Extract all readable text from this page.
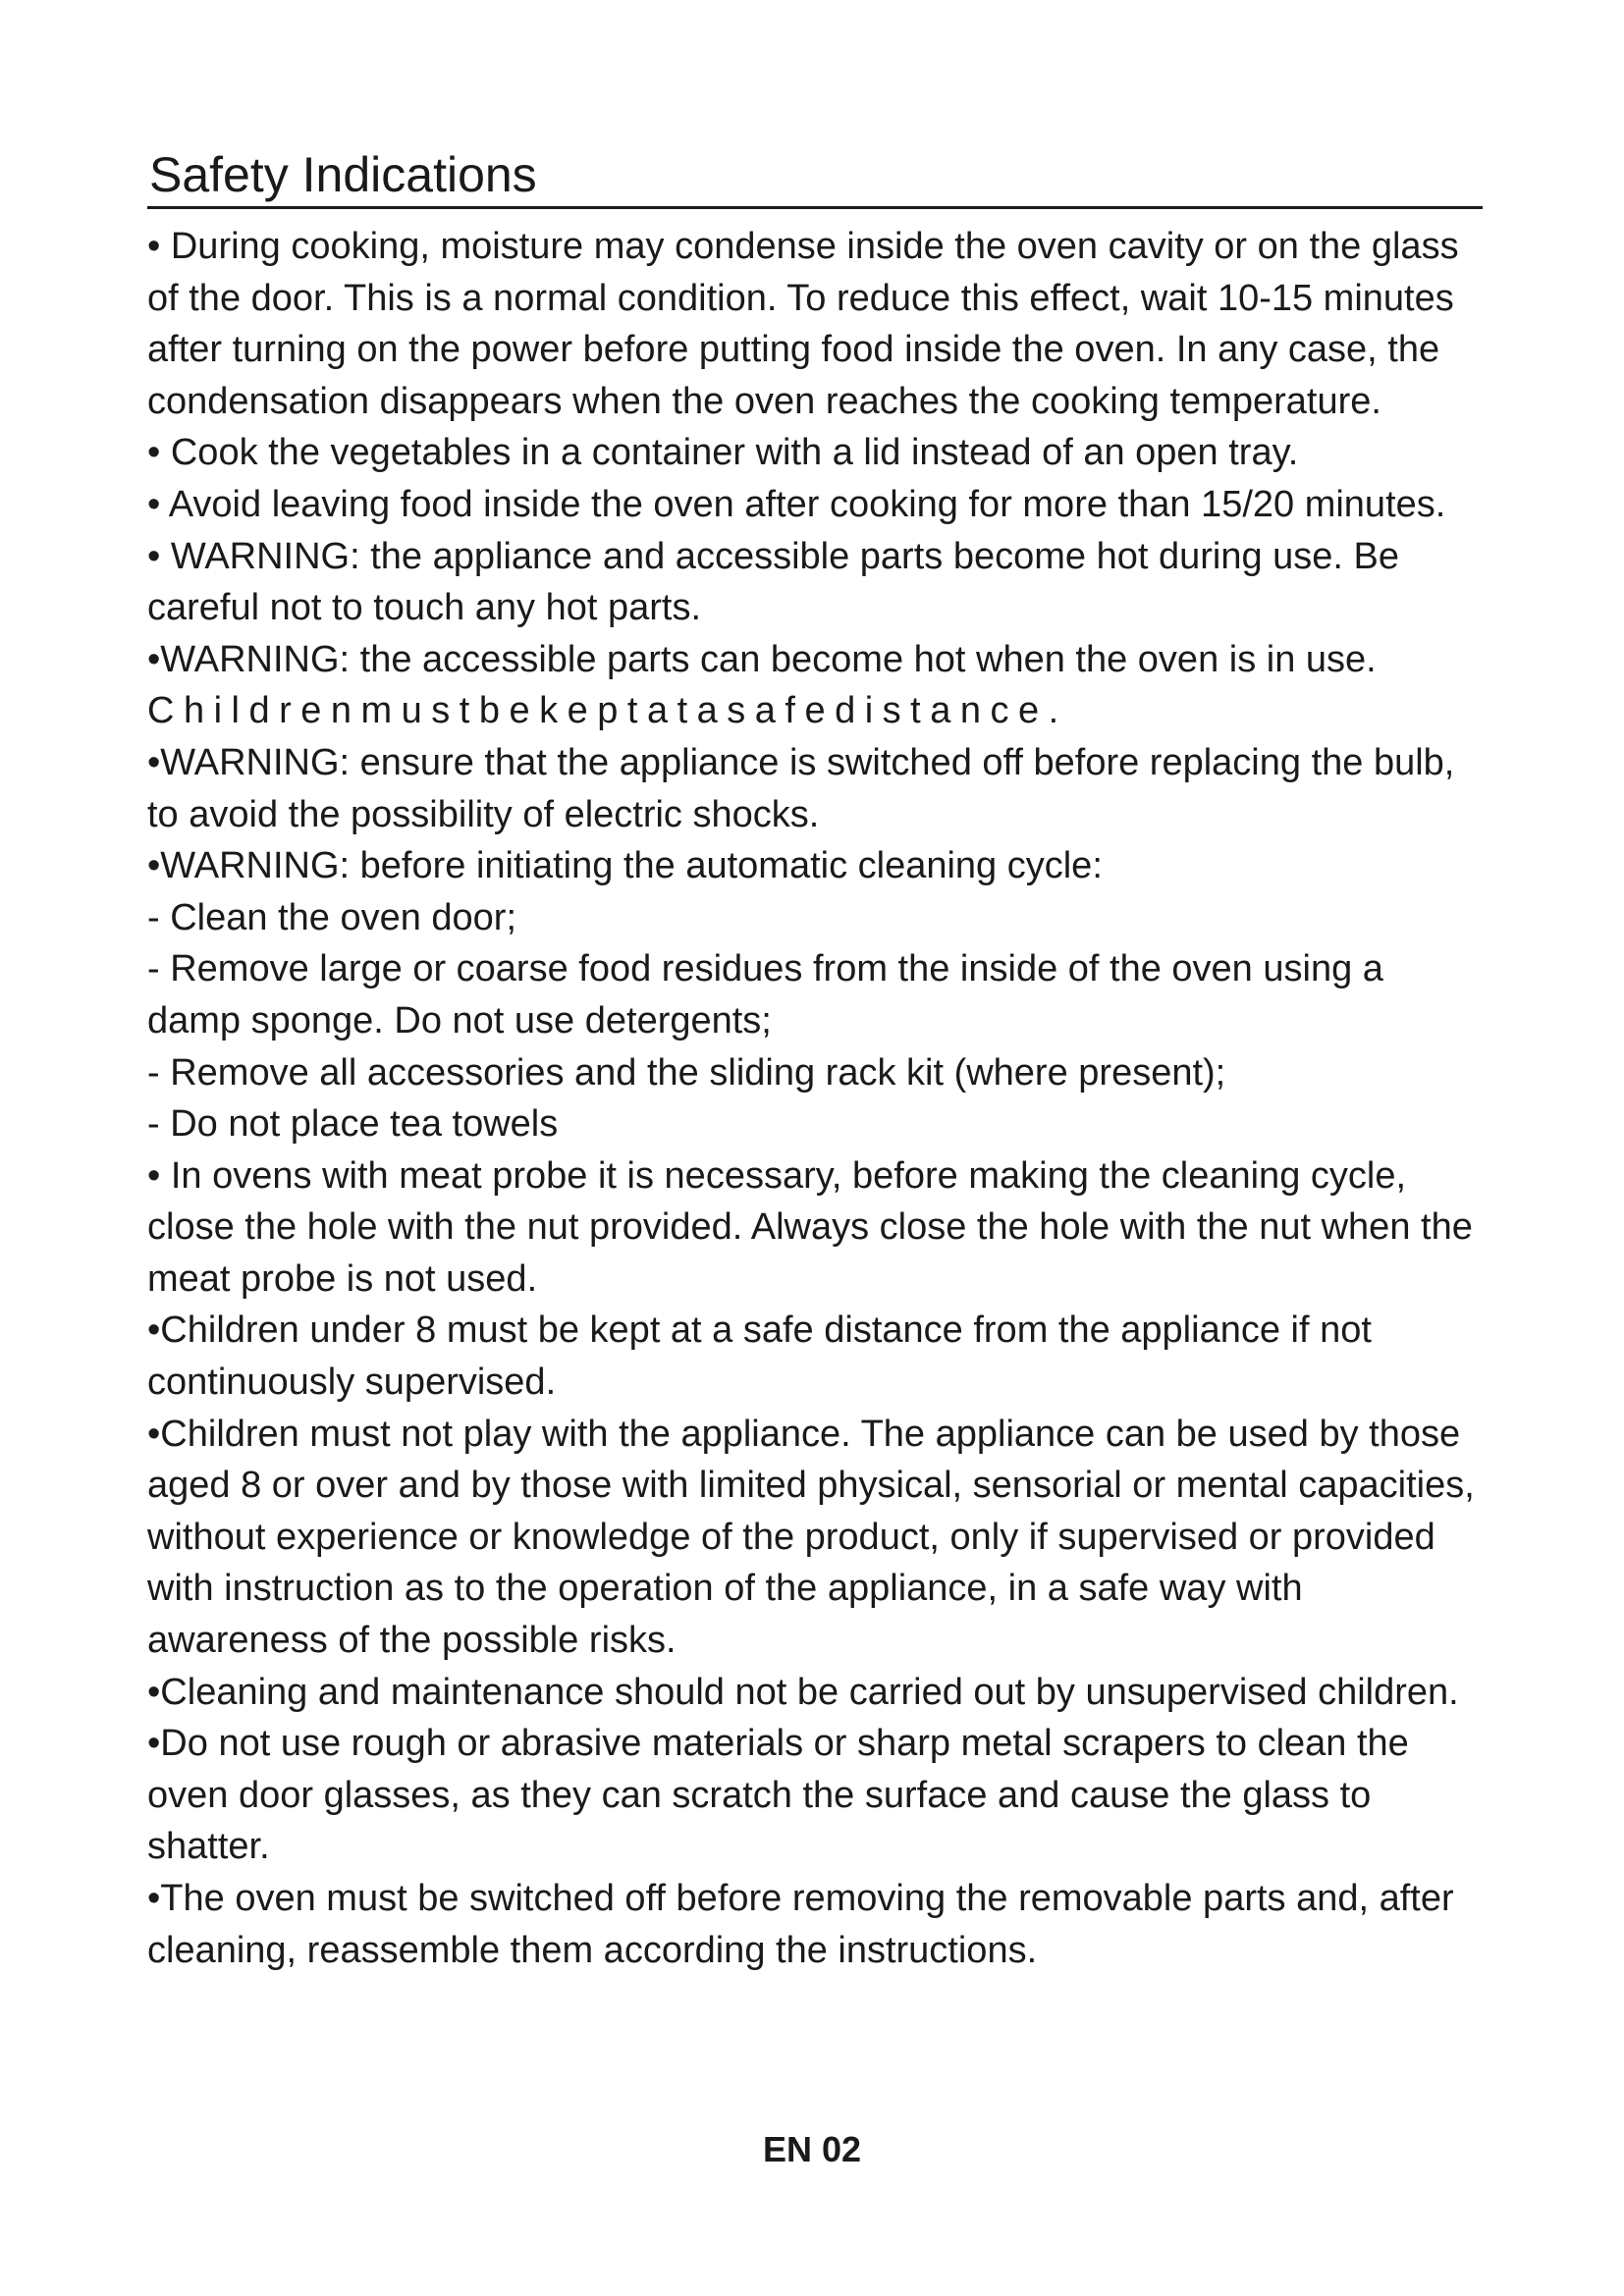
Safety Indications

• During cooking, moisture may condense inside the oven cavity or on the glass of the door. This is a normal condition. To reduce this effect, wait 10-15 minutes after turning on the power before putting food inside the oven. In any case, the condensation disappears when the oven reaches the cooking temperature.

• Cook the vegetables in a container with a lid instead of an open tray.

• Avoid leaving food inside the oven after cooking for more than 15/20 minutes.

• WARNING: the appliance and accessible parts become hot during use. Be careful not to touch any hot parts.

•WARNING: the accessible parts can become hot when the oven is in use.

Childrenmustbekeptatasafedistance.

•WARNING: ensure that the appliance is switched off before replacing the bulb, to avoid the possibility of electric shocks.

•WARNING: before initiating the automatic cleaning cycle:

- Clean the oven door;

- Remove large or coarse food residues from the inside of the oven using a damp sponge. Do not use detergents;

- Remove all accessories and the sliding rack kit (where present);

- Do not place tea towels

• In ovens with meat probe it is necessary, before making the cleaning cycle, close the hole with the nut provided. Always close the hole with the nut when the meat probe is not used.

•Children under 8 must be kept at a safe distance from the appliance if not continuously supervised.

•Children must not play with the appliance. The appliance can be used by those aged 8 or over and by those with limited physical, sensorial or mental capacities, without experience or knowledge of the product, only if supervised or provided with instruction as to the operation of the appliance, in a safe way with awareness of the possible risks.

•Cleaning and maintenance should not be carried out by unsupervised children.

•Do not use rough or abrasive materials or sharp metal scrapers to clean the oven door glasses, as they can scratch the surface and cause the glass to shatter.

•The oven must be switched off before removing the removable parts and, after cleaning, reassemble them according the instructions.

EN 02
